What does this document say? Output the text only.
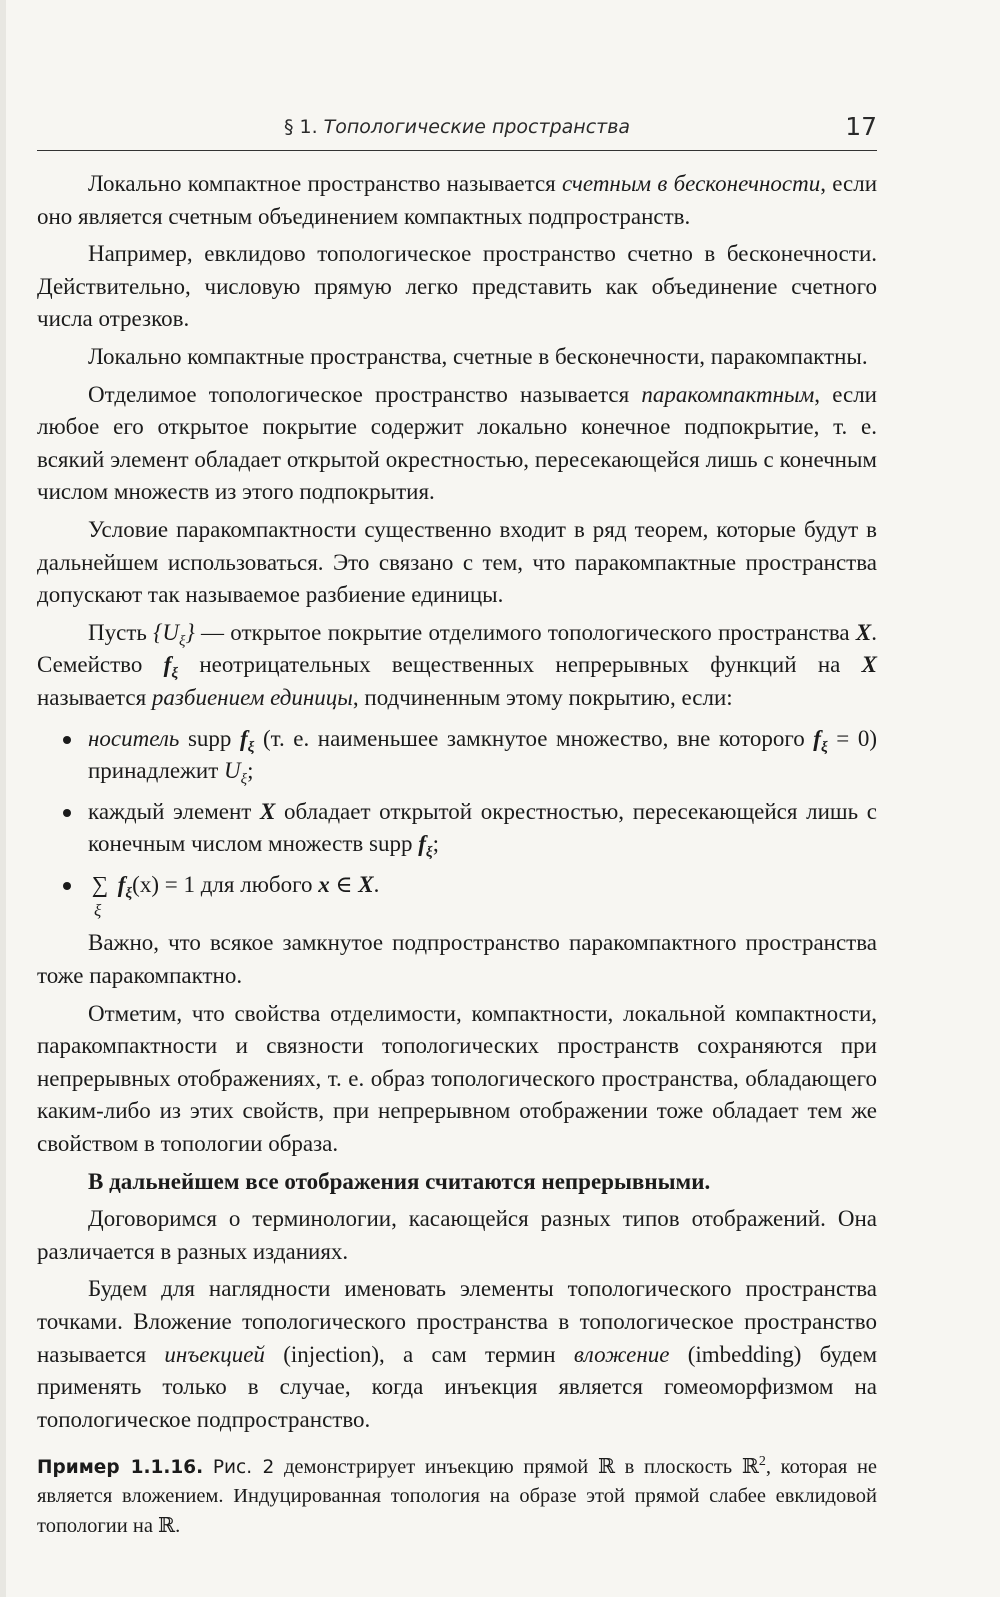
§ 1. Топологические пространства	17

Локально компактное пространство называется счетным в бесконечности, если оно является счетным объединением компактных подпространств.

Например, евклидово топологическое пространство счетно в бесконечности. Действительно, числовую прямую легко представить как объединение счетного числа отрезков.

Локально компактные пространства, счетные в бесконечности, паракомпактны.

Отделимое топологическое пространство называется паракомпактным, если любое его открытое покрытие содержит локально конечное подпокрытие, т. е. всякий элемент обладает открытой окрестностью, пересекающейся лишь с конечным числом множеств из этого подпокрытия.

Условие паракомпактности существенно входит в ряд теорем, которые будут в дальнейшем использоваться. Это связано с тем, что паракомпактные пространства допускают так называемое разбиение единицы.

Пусть $\{U_\xi\}$ — открытое покрытие отделимого топологического пространства X. Семейство $f_\xi$ неотрицательных вещественных непрерывных функций на X называется разбиением единицы, подчиненным этому покрытию, если:

носитель supp $f_\xi$ (т. е. наименьшее замкнутое множество, вне которого $f_\xi = 0$) принадлежит $U_\xi$;
каждый элемент X обладает открытой окрестностью, пересекающейся лишь с конечным числом множеств supp $f_\xi$;
∑
ξ
$f_\xi(x) = 1$ для любого x ∈ X.

Важно, что всякое замкнутое подпространство паракомпактного пространства тоже паракомпактно.

Отметим, что свойства отделимости, компактности, локальной компактности, паракомпактности и связности топологических пространств сохраняются при непрерывных отображениях, т. е. образ топологического пространства, обладающего каким-либо из этих свойств, при непрерывном отображении тоже обладает тем же свойством в топологии образа.

В дальнейшем все отображения считаются непрерывными.

Договоримся о терминологии, касающейся разных типов отображений. Она различается в разных изданиях.

Будем для наглядности именовать элементы топологического пространства точками. Вложение топологического пространства в топологическое пространство называется инъекцией (injection), а сам термин вложение (imbedding) будем применять только в случае, когда инъекция является гомеоморфизмом на топологическое подпространство.

Пример 1.1.16. Рис. 2 демонстрирует инъекцию прямой ℝ в плоскость ℝ$^2$, которая не является вложением. Индуцированная топология на образе этой прямой слабее евклидовой топологии на ℝ.
